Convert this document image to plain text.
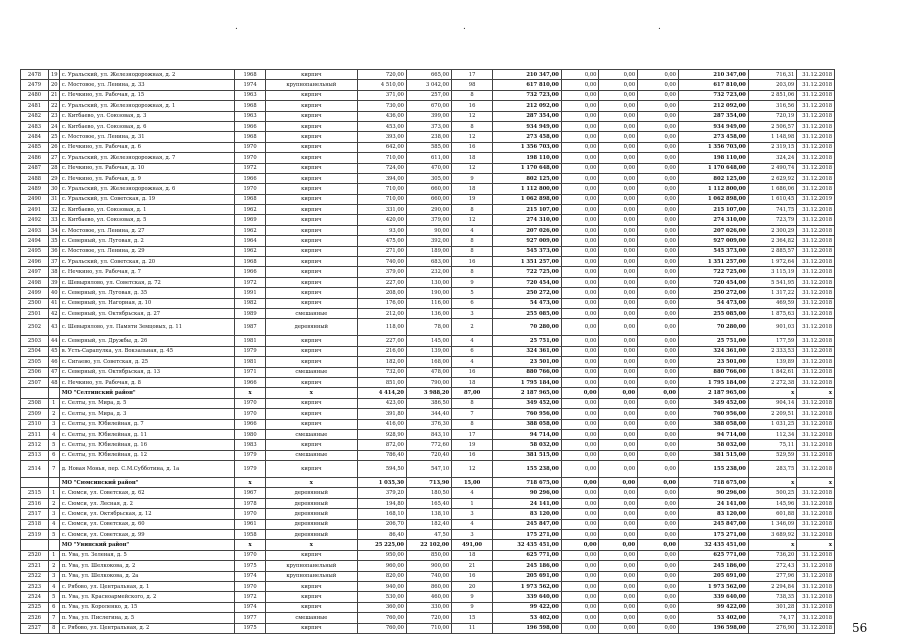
.	.	.
2478	19	с. Уральский, ул. Железнодорожная, д. 2	1968	кирпич	720,00	665,00	17	210 347,00	0,00	0,00	0,00	210 347,00	716,31	31.12.2018
2479	20	с. Мостовое, ул. Ленина, д. 33	1974	крупнопанельный	4 510,00	3 042,00	98	617 810,00	0,00	0,00	0,00	617 810,00	203,09	31.12.2018
2480	21	с. Нечкино, ул. Рабочая, д. 15	1963	кирпич	371,00	257,00	8	732 723,00	0,00	0,00	0,00	732 723,00	2 851,06	31.12.2018
2481	22	с. Уральский, ул. Железнодорожная, д. 1	1968	кирпич	730,00	670,00	16	212 092,00	0,00	0,00	0,00	212 092,00	316,56	31.12.2018
2482	23	с. Китбаево, ул. Союзовая, д. 3	1963	кирпич	436,00	399,00	12	287 354,00	0,00	0,00	0,00	287 354,00	720,19	31.12.2018
2483	24	с. Китбаево, ул. Союзовая, д. 6	1966	кирпич	453,00	373,00	8	934 949,00	0,00	0,00	0,00	934 949,00	2 506,57	31.12.2018
2484	25	с. Мостовое, ул. Ленина, д. 31	1968	кирпич	393,00	238,00	12	273 458,00	0,00	0,00	0,00	273 458,00	1 148,98	31.12.2018
2485	26	с. Нечкино, ул. Рабочая, д. 6	1970	кирпич	642,00	585,00	16	1 356 703,00	0,00	0,00	0,00	1 356 703,00	2 319,15	31.12.2018
2486	27	с. Уральский, ул. Железнодорожная, д. 7	1970	кирпич	710,00	611,00	18	198 110,00	0,00	0,00	0,00	198 110,00	324,24	31.12.2018
2487	28	с. Нечкино, ул. Рабочая, д. 10	1972	кирпич	724,00	470,00	12	1 170 648,00	0,00	0,00	0,00	1 170 648,00	2 490,74	31.12.2018
2488	29	с. Нечкино, ул. Рабочая, д. 9	1966	кирпич	394,00	305,00	9	802 125,00	0,00	0,00	0,00	802 125,00	2 629,92	31.12.2018
2489	30	с. Уральский, ул. Железнодорожная, д. 6	1970	кирпич	710,00	660,00	18	1 112 800,00	0,00	0,00	0,00	1 112 800,00	1 686,06	31.12.2018
2490	31	с. Уральский, ул. Советская, д. 19	1968	кирпич	710,00	660,00	19	1 062 898,00	0,00	0,00	0,00	1 062 898,00	1 610,45	31.12.2019
2491	32	с. Китбаево, ул. Союзовая, д. 1	1962	кирпич	331,00	290,00	8	215 107,00	0,00	0,00	0,00	215 107,00	741,75	31.12.2018
2492	33	с. Китбаево, ул. Союзовая, д. 5	1969	кирпич	420,00	379,00	12	274 310,00	0,00	0,00	0,00	274 310,00	723,79	31.12.2018
2493	34	с. Мостовое, ул. Ленина, д. 27	1962	кирпич	93,00	90,00	4	207 026,00	0,00	0,00	0,00	207 026,00	2 300,29	31.12.2018
2494	35	с. Северный, ул. Луговая, д. 2	1964	кирпич	475,00	392,00	8	927 009,00	0,00	0,00	0,00	927 009,00	2 364,82	31.12.2018
2495	36	с. Мостовое, ул. Ленина, д. 29	1962	кирпич	271,00	189,00	8	545 373,00	0,00	0,00	0,00	545 373,00	2 885,57	31.12.2018
2496	37	с. Уральский, ул. Советская, д. 20	1968	кирпич	740,00	683,00	16	1 351 257,00	0,00	0,00	0,00	1 351 257,00	1 972,64	31.12.2018
2497	38	с. Нечкино, ул. Рабочая, д. 7	1966	кирпич	379,00	232,00	8	722 725,00	0,00	0,00	0,00	722 725,00	3 115,19	31.12.2018
2498	39	с. Шевырялово, ул. Советская, д. 72	1972	кирпич	227,00	130,00	9	720 454,00	0,00	0,00	0,00	720 454,00	5 541,95	31.12.2018
2499	40	с. Северный, ул. Луговая, д. 35	1991	кирпич	208,00	190,00	5	250 272,00	0,00	0,00	0,00	250 272,00	1 317,22	31.12.2018
2500	41	с. Северный, ул. Нагорная, д. 10	1982	кирпич	176,00	116,00	6	54 473,00	0,00	0,00	0,00	54 473,00	469,59	31.12.2018
2501	42	с. Северный, ул. Октябрьская, д. 27	1989	смешанные	212,00	136,00	3	255 085,00	0,00	0,00	0,00	255 085,00	1 875,63	31.12.2018
2502	43	с. Шевырялово, ул. Памяти Земцовых, д. 11	1987	деревянный	118,00	78,00	2	70 280,00	0,00	0,00	0,00	70 280,00	901,03	31.12.2018
2503	44	с. Северный, ул. Дружбы, д. 26	1981	кирпич	227,00	145,00	4	25 751,00	0,00	0,00	0,00	25 751,00	177,59	31.12.2018
2504	45	в. Усть-Сарапулка, ул. Вокзальная, д. 45	1979	кирпич	216,00	139,00	6	324 361,00	0,00	0,00	0,00	324 361,00	2 333,53	31.12.2018
2505	46	с. Сигаево, ул. Советская, д. 25	1981	кирпич	182,00	168,00	4	23 501,00	0,00	0,00	0,00	23 501,00	139,89	31.12.2018
2506	47	с. Северный, ул. Октябрьская, д. 13	1971	смешанные	732,00	478,00	16	880 766,00	0,00	0,00	0,00	880 766,00	1 842,61	31.12.2018
2507	48	с. Нечкино, ул. Рабочая, д. 8	1966	кирпич	851,00	790,00	18	1 795 184,00	0,00	0,00	0,00	1 795 184,00	2 272,38	31.12.2018
		МО "Селтинский район"	х	х	4 414,20	3 988,20	87,00	2 187 965,00	0,00	0,00	0,00	2 187 965,00	х	х
2508	1	с. Селты, ул. Мира, д. 5	1970	кирпич	423,00	386,50	8	349 452,00	0,00	0,00	0,00	349 452,00	904,14	31.12.2018
2509	2	с. Селты, ул. Мира, д. 3	1970	кирпич	391,80	344,40	7	760 956,00	0,00	0,00	0,00	760 956,00	2 209,51	31.12.2018
2510	3	с. Селты, ул. Юбилейная, д. 7	1966	кирпич	416,00	376,30	8	388 058,00	0,00	0,00	0,00	388 058,00	1 031,25	31.12.2018
2511	4	с. Селты, ул. Юбилейная, д. 11	1980	смешанные	928,90	843,10	17	94 714,00	0,00	0,00	0,00	94 714,00	112,34	31.12.2018
2512	5	с. Селты, ул. Юбилейная, д. 16	1983	кирпич	872,00	772,60	19	58 032,00	0,00	0,00	0,00	58 032,00	75,11	31.12.2018
2513	6	с. Селты, ул. Юбилейная, д. 12	1979	смешанные	786,40	720,40	16	381 515,00	0,00	0,00	0,00	381 515,00	529,59	31.12.2018
2514	7	д. Новая Монья, пер. С.М.Субботина, д. 1а	1979	кирпич	594,50	547,10	12	155 238,00	0,00	0,00	0,00	155 238,00	283,75	31.12.2018
		МО "Сюмсинский район"	х	х	1 035,30	713,90	15,00	718 675,00	0,00	0,00	0,00	718 675,00	х	х
2515	1	с. Сюмси, ул. Советская, д. 62	1967	деревянный	379,20	180,50	4	90 296,00	0,00	0,00	0,00	90 296,00	500,25	31.12.2018
2516	2	с. Сюмси, ул. Лесная, д. 2	1978	деревянный	194,80	165,40	1	24 141,00	0,00	0,00	0,00	24 141,00	145,96	31.12.2018
2517	3	с. Сюмси, ул. Октябрьская, д. 12	1970	деревянный	168,10	138,10	3	83 120,00	0,00	0,00	0,00	83 120,00	601,88	31.12.2018
2518	4	с. Сюмси, ул. Советская, д. 60	1961	деревянный	206,70	182,40	4	245 847,00	0,00	0,00	0,00	245 847,00	1 346,09	31.12.2018
2519	5	с. Сюмси, ул. Советская, д. 99	1958	деревянный	86,40	47,50	3	175 271,00	0,00	0,00	0,00	175 271,00	3 689,92	31.12.2018
		МО "Увинский район"	х	х	25 225,00	22 102,00	491,00	32 435 451,00	0,00	0,00	0,00	32 435 451,00	х	х
2520	1	п. Ува, ул. Зеленая, д. 5	1970	кирпич	950,00	850,00	18	625 771,00	0,00	0,00	0,00	625 771,00	736,20	31.12.2018
2521	2	п. Ува, ул. Шелкокова, д. 2	1975	крупнопанельный	960,00	900,00	21	245 186,00	0,00	0,00	0,00	245 186,00	272,43	31.12.2018
2522	3	п. Ува, ул. Шелкокова, д. 2а	1974	крупнопанельный	820,00	740,00	16	205 691,00	0,00	0,00	0,00	205 691,00	277,96	31.12.2018
2523	4	с. Рябово, ул. Центральная, д. 1	1970	кирпич	940,00	860,00	20	1 973 562,00	0,00	0,00	0,00	1 973 562,00	2 294,84	31.12.2018
2524	5	п. Ува, ул. Красноармейского, д. 2	1972	кирпич	530,00	460,00	9	339 640,00	0,00	0,00	0,00	339 640,00	738,35	31.12.2018
2525	6	п. Ува, ул. Короленко, д. 15	1974	кирпич	360,00	330,00	9	99 422,00	0,00	0,00	0,00	99 422,00	301,28	31.12.2018
2526	7	п. Ува, ул. Пислегина, д. 5	1977	смешанные	760,00	720,00	15	53 402,00	0,00	0,00	0,00	53 402,00	74,17	31.12.2018
2527	8	с. Рябово, ул. Центральная, д. 2	1975	кирпич	760,00	710,00	11	196 598,00	0,00	0,00	0,00	196 598,00	276,90	31.12.2018 56
